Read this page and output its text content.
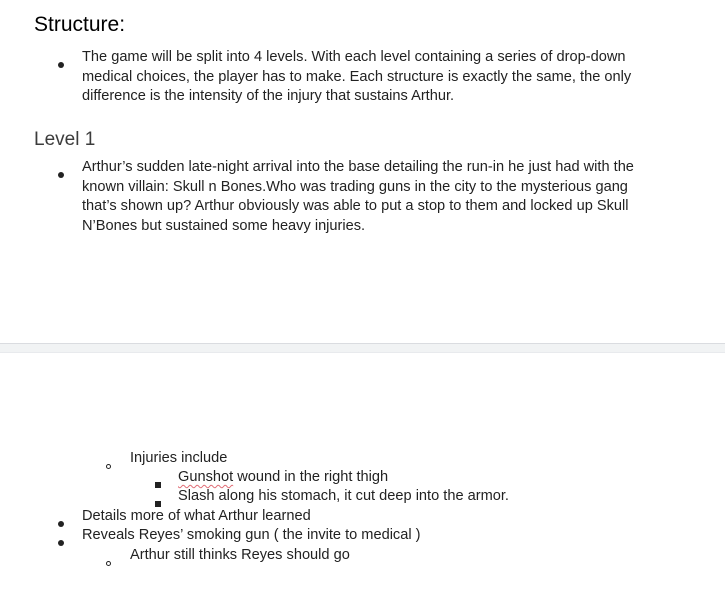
Structure:
The game will be split into 4 levels. With each level containing a series of drop-down
medical choices, the player has to make. Each structure is exactly the same, the only
difference is the intensity of the injury that sustains Arthur.
Level 1
Arthur’s sudden late-night arrival into the base detailing the run-in he just had with the
known villain: Skull n Bones.Who was trading guns in the city to the mysterious gang
that’s shown up? Arthur obviously was able to put a stop to them and locked up Skull
N’Bones but sustained some heavy injuries.
Injuries include
Gunshot wound in the right thigh
Slash along his stomach, it cut deep into the armor.
Details more of what Arthur learned
Reveals Reyes’ smoking gun ( the invite to medical )
Arthur still thinks Reyes should go
